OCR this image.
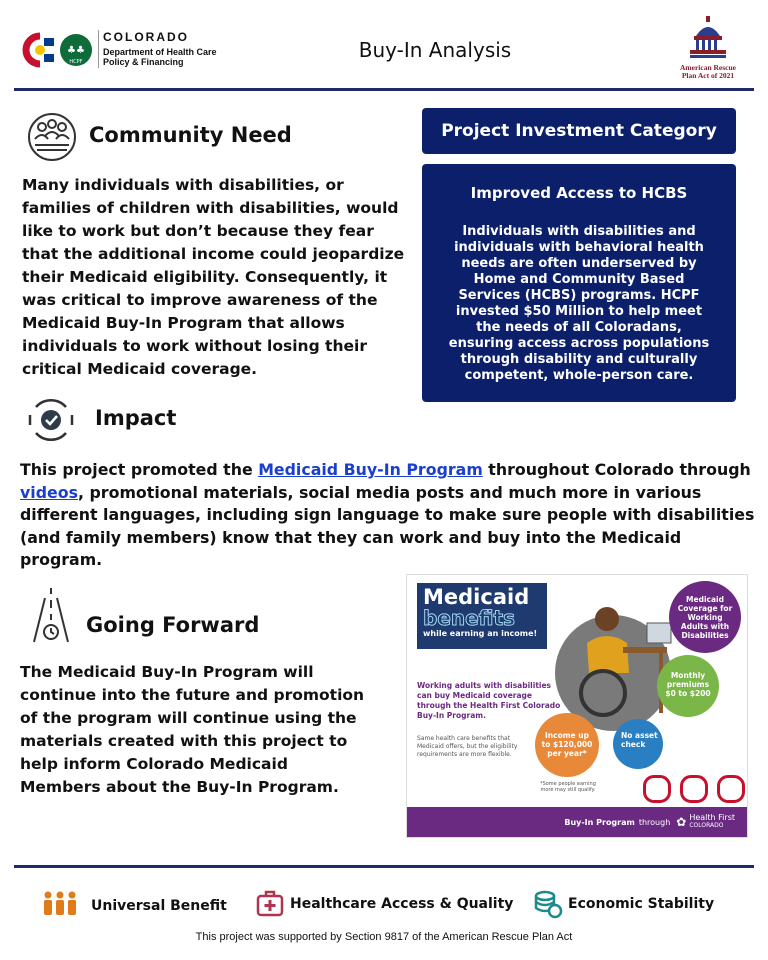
♣♣
HCPF
COLORADO
Department of Health Care
Policy & Financing	Buy-In Analysis
American Rescue
Plan Act of 2021
Community Need
Many individuals with disabilities, or
families of children with disabilities, would
like to work but don’t because they fear
that the additional income could jeopardize
their Medicaid eligibility. Consequently, it
was critical to improve awareness of the
Medicaid Buy-In Program that allows
individuals to work without losing their
critical Medicaid coverage.
Project Investment Category
Improved Access to HCBS
Individuals with disabilities and
individuals with behavioral health
needs are often underserved by
Home and Community Based
Services (HCBS) programs. HCPF
invested $50 Million to help meet
the needs of all Coloradans,
ensuring access across populations
through disability and culturally
competent, whole-person care.
Impact
This project promoted the Medicaid Buy-In Program throughout Colorado through
videos, promotional materials, social media posts and much more in various
different languages, including sign language to make sure people with disabilities
(and family members) know that they can work and buy into the Medicaid
program.
Going Forward
The Medicaid Buy-In Program will
continue into the future and promotion
of the program will continue using the
materials created with this project to
help inform Colorado Medicaid
Members about the Buy-In Program.
Medicaid
benefits
while earning an income!
Medicaid Coverage for Working Adults with Disabilities
Monthly
premiums
$0 to $200
Income up
to $120,000
per year*
No asset
check

Working adults with disabilities can buy Medicaid coverage through the Health First Colorado Buy-In Program.
Same health care benefits that Medicaid offers, but the eligibility requirements are more flexible.
*Some people earning more may still qualify.
Buy-In Program through ✿ Health First
COLORADO
Universal Benefit	Healthcare Access & Quality	Economic Stability
This project was supported by Section 9817 of the American Rescue Plan Act
